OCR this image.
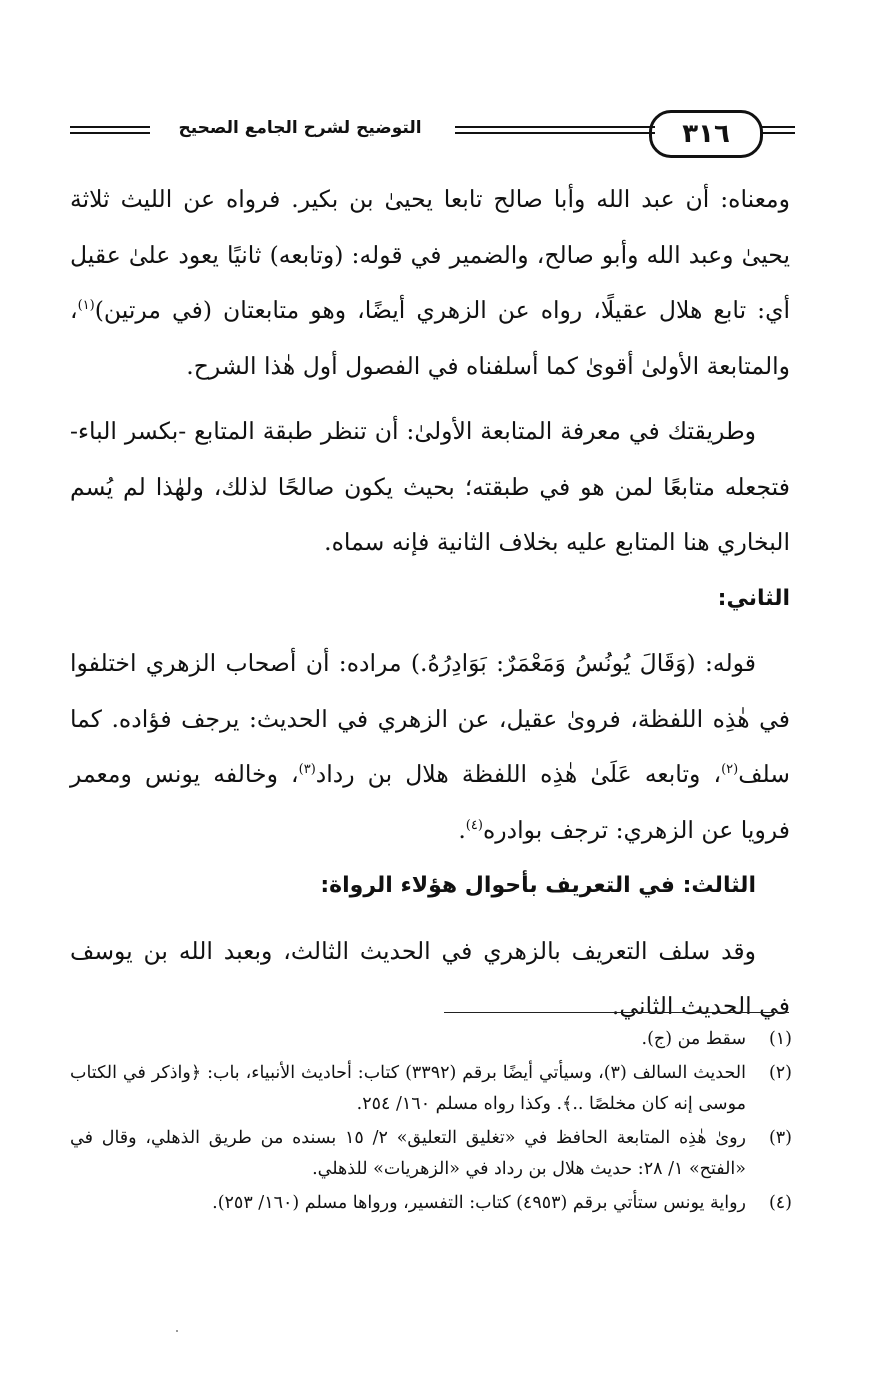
٣١٦
التوضيح لشرح الجامع الصحيح

ومعناه: أن عبد الله وأبا صالح تابعا يحيىٰ بن بكير. فرواه عن الليث ثلاثة يحيىٰ وعبد الله وأبو صالح، والضمير في قوله: (وتابعه) ثانيًا يعود علىٰ عقيل أي: تابع هلال عقيلًا، رواه عن الزهري أيضًا، وهو متابعتان (في مرتين)$^{(١)}$، والمتابعة الأولىٰ أقوىٰ كما أسلفناه في الفصول أول هٰذا الشرح.

وطريقتك في معرفة المتابعة الأولىٰ: أن تنظر طبقة المتابع -بكسر الباء- فتجعله متابعًا لمن هو في طبقته؛ بحيث يكون صالحًا لذلك، ولهٰذا لم يُسم البخاري هنا المتابع عليه بخلاف الثانية فإنه سماه.

الثاني:

قوله: (وَقَالَ يُونُسُ وَمَعْمَرٌ: بَوَادِرُهُ.) مراده: أن أصحاب الزهري اختلفوا في هٰذِه اللفظة، فروىٰ عقيل، عن الزهري في الحديث: يرجف فؤاده. كما سلف$^{(٢)}$، وتابعه عَلَىٰ هٰذِه اللفظة هلال بن رداد$^{(٣)}$، وخالفه يونس ومعمر فرويا عن الزهري: ترجف بوادره$^{(٤)}$.

الثالث: في التعريف بأحوال هؤلاء الرواة:

وقد سلف التعريف بالزهري في الحديث الثالث، وبعبد الله بن يوسف في الحديث الثاني.

(١)
سقط من (ج).
(٢)
الحديث السالف (٣)، وسيأتي أيضًا برقم (٣٣٩٢) كتاب: أحاديث الأنبياء، باب: ﴿واذكر في الكتاب موسى إنه كان مخلصًا ..﴾. وكذا رواه مسلم ١٦٠/ ٢٥٤.
(٣)
روىٰ هٰذِه المتابعة الحافظ في «تغليق التعليق» ٢/ ١٥ بسنده من طريق الذهلي، وقال في «الفتح» ١/ ٢٨: حديث هلال بن رداد في «الزهريات» للذهلي.
(٤)
رواية يونس ستأتي برقم (٤٩٥٣) كتاب: التفسير، ورواها مسلم (١٦٠/ ٢٥٣).
